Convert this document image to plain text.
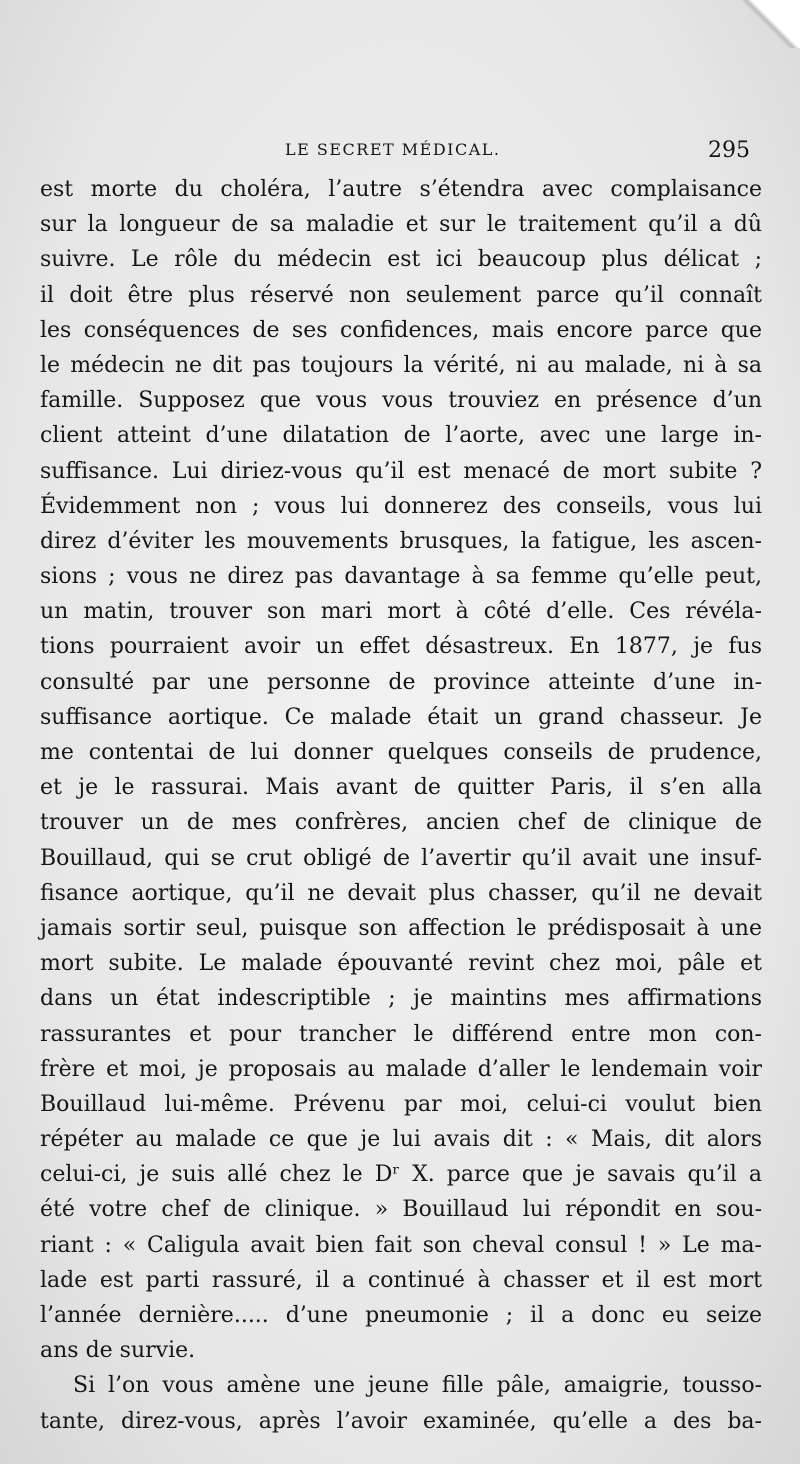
LE SECRET MÉDICAL.	295
est morte du choléra, l’autre s’étendra avec complaisance
sur la longueur de sa maladie et sur le traitement qu’il a dû
suivre. Le rôle du médecin est ici beaucoup plus délicat ;
il doit être plus réservé non seulement parce qu’il connaît
les conséquences de ses confidences, mais encore parce que
le médecin ne dit pas toujours la vérité, ni au malade, ni à sa
famille. Supposez que vous vous trouviez en présence d’un
client atteint d’une dilatation de l’aorte, avec une large in-
suffisance. Lui diriez-vous qu’il est menacé de mort subite ?
Évidemment non ; vous lui donnerez des conseils, vous lui
direz d’éviter les mouvements brusques, la fatigue, les ascen-
sions ; vous ne direz pas davantage à sa femme qu’elle peut,
un matin, trouver son mari mort à côté d’elle. Ces révéla-
tions pourraient avoir un effet désastreux. En 1877, je fus
consulté par une personne de province atteinte d’une in-
suffisance aortique. Ce malade était un grand chasseur. Je
me contentai de lui donner quelques conseils de prudence,
et je le rassurai. Mais avant de quitter Paris, il s’en alla
trouver un de mes confrères, ancien chef de clinique de
Bouillaud, qui se crut obligé de l’avertir qu’il avait une insuf-
fisance aortique, qu’il ne devait plus chasser, qu’il ne devait
jamais sortir seul, puisque son affection le prédisposait à une
mort subite. Le malade épouvanté revint chez moi, pâle et
dans un état indescriptible ; je maintins mes affirmations
rassurantes et pour trancher le différend entre mon con-
frère et moi, je proposais au malade d’aller le lendemain voir
Bouillaud lui-même. Prévenu par moi, celui-ci voulut bien
répéter au malade ce que je lui avais dit : « Mais, dit alors
celui-ci, je suis allé chez le Dʳ X. parce que je savais qu’il a
été votre chef de clinique. » Bouillaud lui répondit en sou-
riant : « Caligula avait bien fait son cheval consul ! » Le ma-
lade est parti rassuré, il a continué à chasser et il est mort
l’année dernière..... d’une pneumonie ; il a donc eu seize
ans de survie.
Si l’on vous amène une jeune fille pâle, amaigrie, tousso-
tante, direz-vous, après l’avoir examinée, qu’elle a des ba-
